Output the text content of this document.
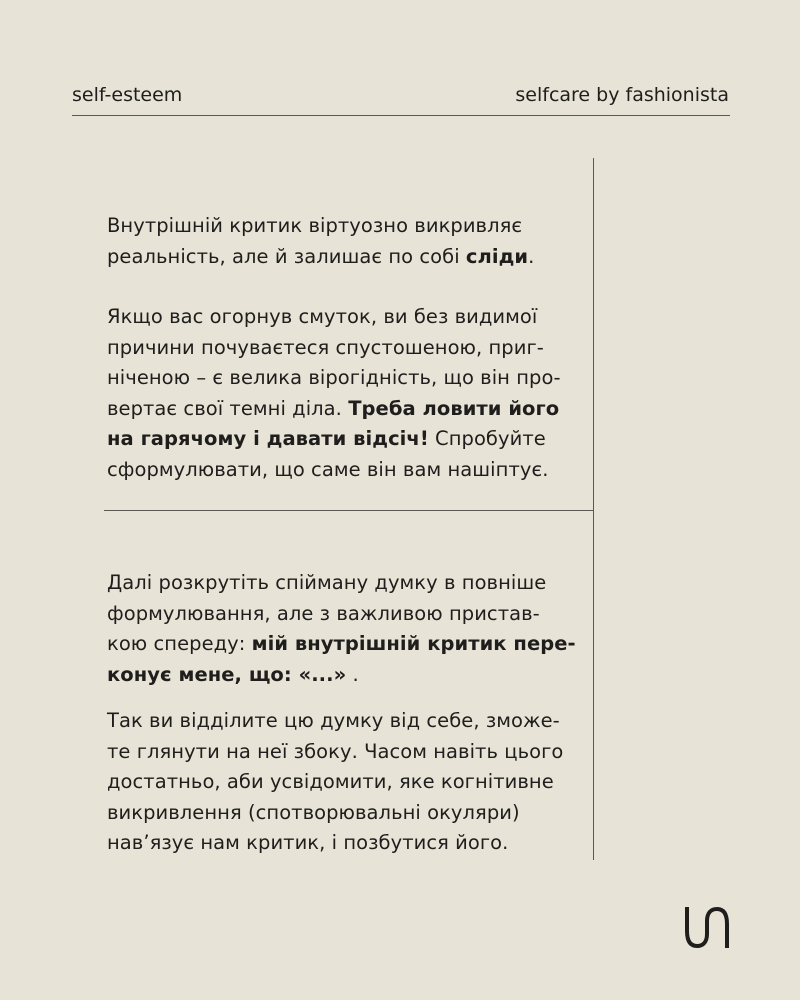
self-esteem	selfcare by fashionista

Внутрішній критик віртуозно викривляє
реальність, але й залишає по собі сліди.

Якщо вас огорнув смуток, ви без видимої
причини почуваєтеся спустошеною, приг-
ніченою – є велика вірогідність, що він про-
вертає свої темні діла. Треба ловити його
на гарячому і давати відсіч! Спробуйте
сформулювати, що саме він вам нашіптує.

Далі розкрутіть спійману думку в повніше
формулювання, але з важливою пристав-
кою спереду: мій внутрішній критик пере-
конує мене, що: «...» .

Так ви відділите цю думку від себе, зможе-
те глянути на неї збоку. Часом навіть цього
достатньо, аби усвідомити, яке когнітивне
викривлення (спотворювальні окуляри)
нав’язує нам критик, і позбутися його.
